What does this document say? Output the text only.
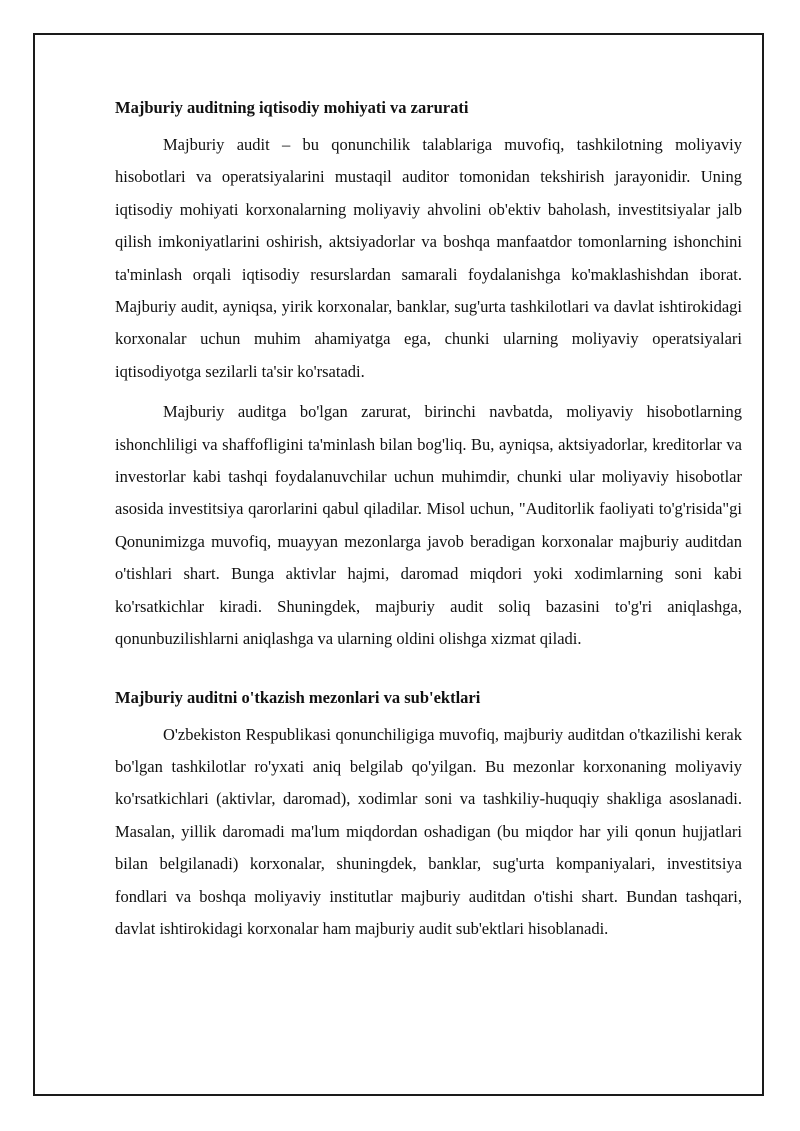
Majburiy auditning iqtisodiy mohiyati va zarurati

Majburiy audit – bu qonunchilik talablariga muvofiq, tashkilotning moliyaviy hisobotlari va operatsiyalarini mustaqil auditor tomonidan tekshirish jarayonidir. Uning iqtisodiy mohiyati korxonalarning moliyaviy ahvolini ob'ektiv baholash, investitsiyalar jalb qilish imkoniyatlarini oshirish, aktsiyadorlar va boshqa manfaatdor tomonlarning ishonchini ta'minlash orqali iqtisodiy resurslardan samarali foydalanishga ko'maklashishdan iborat. Majburiy audit, ayniqsa, yirik korxonalar, banklar, sug'urta tashkilotlari va davlat ishtirokidagi korxonalar uchun muhim ahamiyatga ega, chunki ularning moliyaviy operatsiyalari iqtisodiyotga sezilarli ta'sir ko'rsatadi.

Majburiy auditga bo'lgan zarurat, birinchi navbatda, moliyaviy hisobotlarning ishonchliligi va shaffofligini ta'minlash bilan bog'liq. Bu, ayniqsa, aktsiyadorlar, kreditorlar va investorlar kabi tashqi foydalanuvchilar uchun muhimdir, chunki ular moliyaviy hisobotlar asosida investitsiya qarorlarini qabul qiladilar. Misol uchun, "Auditorlik faoliyati to'g'risida"gi Qonunimizga muvofiq, muayyan mezonlarga javob beradigan korxonalar majburiy auditdan o'tishlari shart. Bunga aktivlar hajmi, daromad miqdori yoki xodimlarning soni kabi ko'rsatkichlar kiradi. Shuningdek, majburiy audit soliq bazasini to'g'ri aniqlashga, qonunbuzilishlarni aniqlashga va ularning oldini olishga xizmat qiladi.

Majburiy auditni o'tkazish mezonlari va sub'ektlari

O'zbekiston Respublikasi qonunchiligiga muvofiq, majburiy auditdan o'tkazilishi kerak bo'lgan tashkilotlar ro'yxati aniq belgilab qo'yilgan. Bu mezonlar korxonaning moliyaviy ko'rsatkichlari (aktivlar, daromad), xodimlar soni va tashkiliy-huquqiy shakliga asoslanadi. Masalan, yillik daromadi ma'lum miqdordan oshadigan (bu miqdor har yili qonun hujjatlari bilan belgilanadi) korxonalar, shuningdek, banklar, sug'urta kompaniyalari, investitsiya fondlari va boshqa moliyaviy institutlar majburiy auditdan o'tishi shart. Bundan tashqari, davlat ishtirokidagi korxonalar ham majburiy audit sub'ektlari hisoblanadi.
